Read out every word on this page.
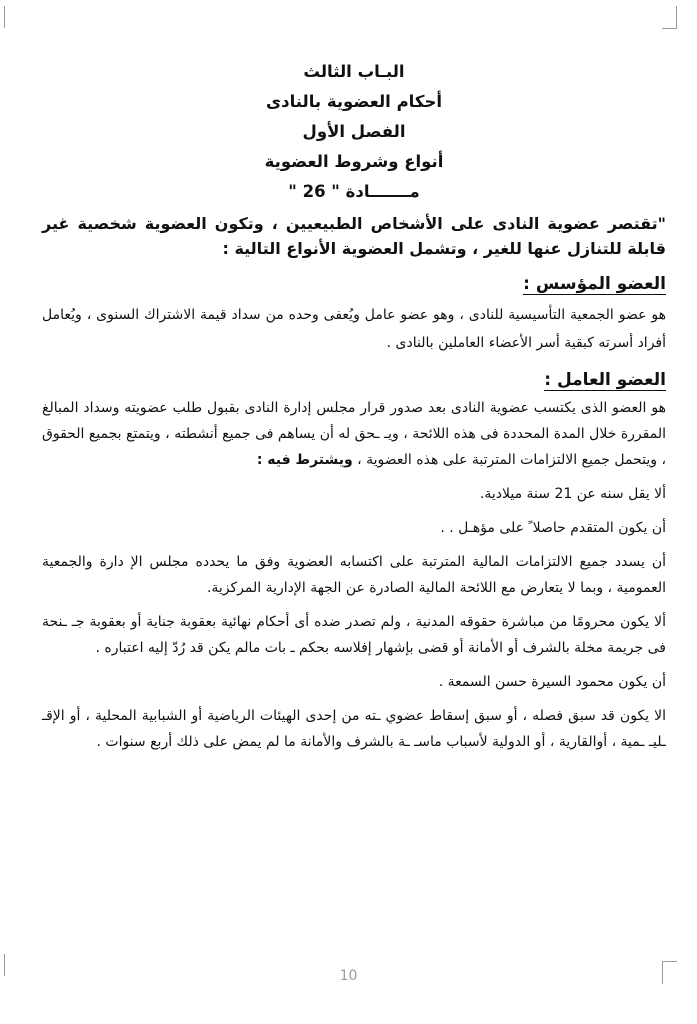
البـاب الثالث
أحكام العضوية بالنادى
الفصل الأول
أنواع وشروط العضوية
مـــــــادة " 26 "
"تقتصر عضوية النادى على الأشخاص الطبيعيين ، وتكون العضوية شخصية غير قابلة للتنازل عنها للغير ، وتشمل العضوية الأنواع التالية :
العضو المؤسس :
هو عضو الجمعية التأسيسية للنادى ، وهو عضو عامل ويُعفى وحده من سداد قيمة الاشتراك السنوى ، ويُعامل أفراد أسرته كبقية أسر الأعضاء العاملين بالنادى .
العضو العامل :
هو العضو الذى يكتسب عضوية النادى بعد صدور قرار مجلس إدارة النادى بقبول طلب عضويته وسداد المبالغ المقررة خلال المدة المحددة فى هذه اللائحة ، ويـ ـحق له أن يساهم فى جميع أنشطته ، ويتمتع بجميع الحقوق ، ويتحمل جميع الالتزامات المترتبة على هذه العضوية ، ويشترط فيه :
ألا يقل سنه عن 21 سنة ميلادية.
أن يكون المتقدم حاصلا ً على مؤهـل . .
أن يسدد جميع الالتزامات المالية المترتبة على اكتسابه العضوية وفق ما يحدده مجلس الإ دارة والجمعية العمومية ، وبما لا يتعارض مع اللائحة المالية الصادرة عن الجهة الإدارية المركزية.
ألا يكون محرومًا من مباشرة حقوقه المدنية ، ولم تصدر ضده أى أحكام نهائية بعقوبة جناية أو بعقوبة جـ ـنحة فى جريمة مخلة بالشرف أو الأمانة أو قضى بإشهار إفلاسه بحكم ـ بات مالم يكن قد رُدّ إليه اعتباره .
أن يكون محمود السيرة حسن السمعة .
الا يكون قد سبق فصله ، أو سبق إسقاط عضوي ـته من إحدى الهيئات الرياضية أو الشبابية المحلية ، أو الإقـ ـليـ ـمية ، أوالقارية ، أو الدولية لأسباب ماسـ ـة بالشرف والأمانة ما لم يمض على ذلك أربع سنوات .
10
